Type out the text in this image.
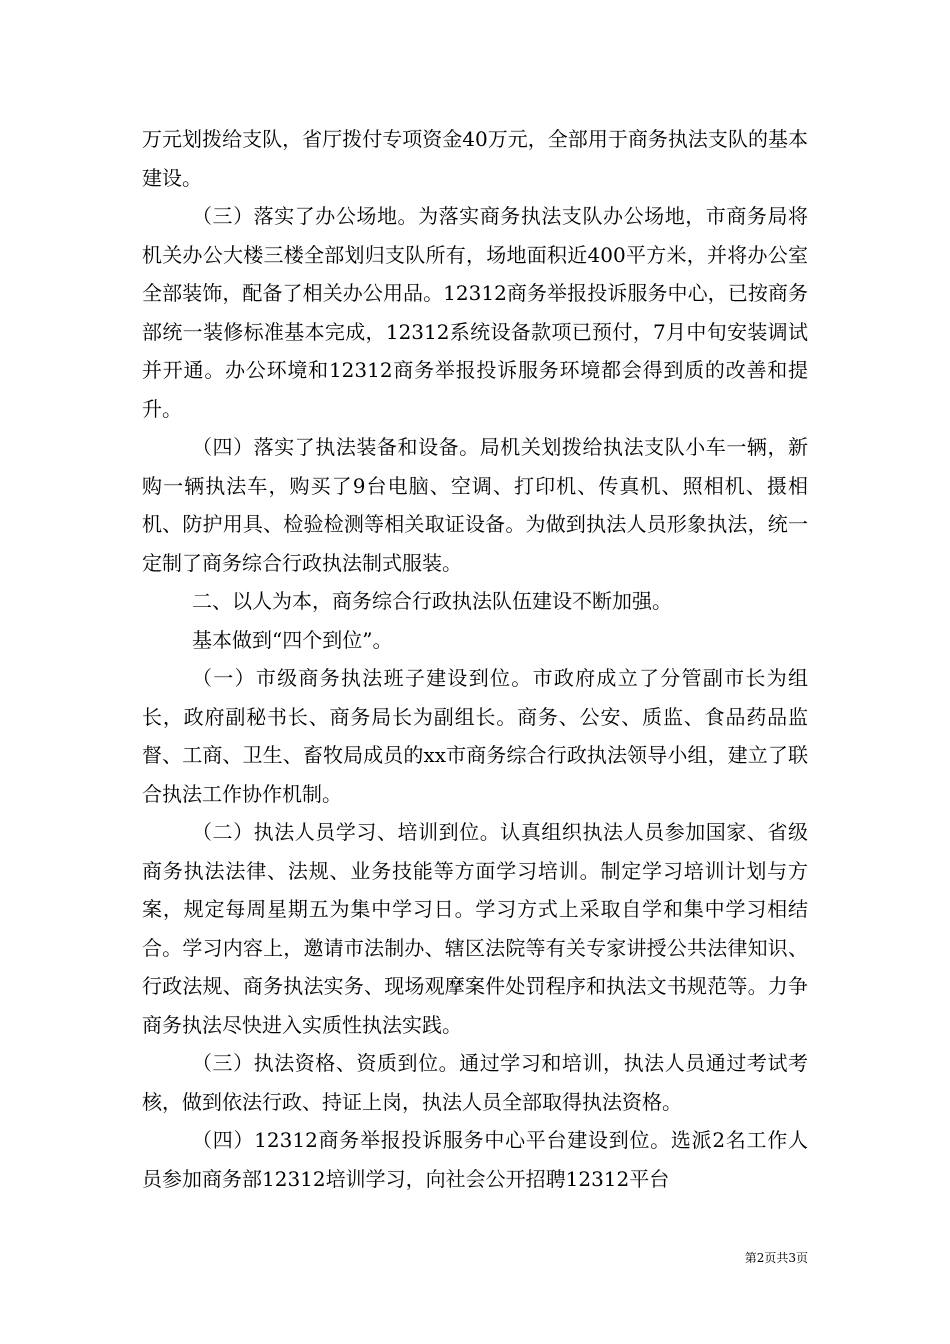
万元划拨给支队，省厅拨付专项资金40万元，全部用于商务执法支队的基本建设。

（三）落实了办公场地。为落实商务执法支队办公场地，市商务局将机关办公大楼三楼全部划归支队所有，场地面积近400平方米，并将办公室全部装饰，配备了相关办公用品。12312商务举报投诉服务中心，已按商务部统一装修标准基本完成，12312系统设备款项已预付，7月中旬安装调试并开通。办公环境和12312商务举报投诉服务环境都会得到质的改善和提升。

（四）落实了执法装备和设备。局机关划拨给执法支队小车一辆，新购一辆执法车，购买了9台电脑、空调、打印机、传真机、照相机、摄相机、防护用具、检验检测等相关取证设备。为做到执法人员形象执法，统一定制了商务综合行政执法制式服装。

二、以人为本，商务综合行政执法队伍建设不断加强。

基本做到“四个到位”。

（一）市级商务执法班子建设到位。市政府成立了分管副市长为组长，政府副秘书长、商务局长为副组长。商务、公安、质监、食品药品监督、工商、卫生、畜牧局成员的xx市商务综合行政执法领导小组，建立了联合执法工作协作机制。

（二）执法人员学习、培训到位。认真组织执法人员参加国家、省级商务执法法律、法规、业务技能等方面学习培训。制定学习培训计划与方案，规定每周星期五为集中学习日。学习方式上采取自学和集中学习相结合。学习内容上，邀请市法制办、辖区法院等有关专家讲授公共法律知识、行政法规、商务执法实务、现场观摩案件处罚程序和执法文书规范等。力争商务执法尽快进入实质性执法实践。

（三）执法资格、资质到位。通过学习和培训，执法人员通过考试考核，做到依法行政、持证上岗，执法人员全部取得执法资格。

（四）12312商务举报投诉服务中心平台建设到位。选派2名工作人员参加商务部12312培训学习，向社会公开招聘12312平台

第2页共3页
